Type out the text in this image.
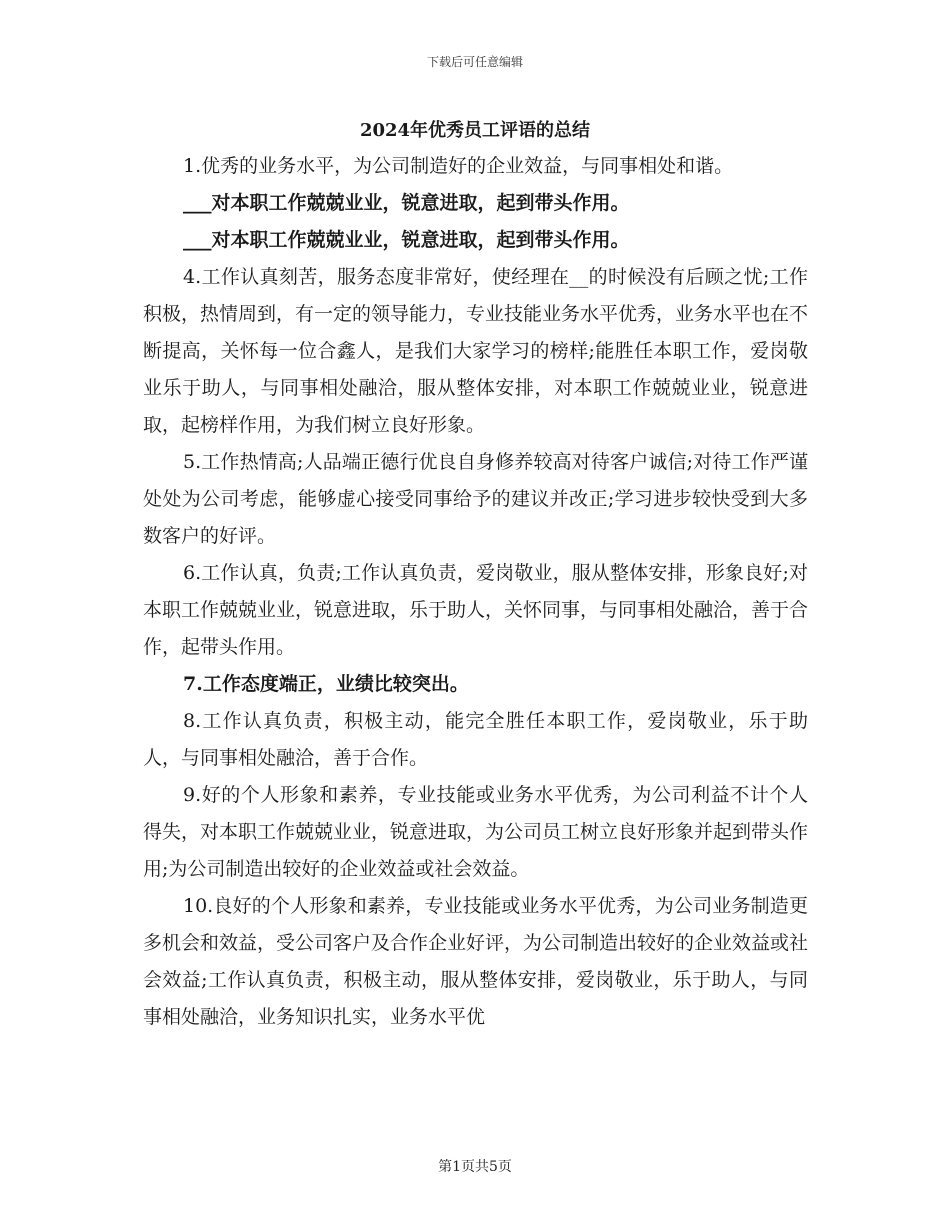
下载后可任意编辑
2024年优秀员工评语的总结

1.优秀的业务水平，为公司制造好的企业效益，与同事相处和谐。

___对本职工作兢兢业业，锐意进取，起到带头作用。

___对本职工作兢兢业业，锐意进取，起到带头作用。

4.工作认真刻苦，服务态度非常好，使经理在__的时候没有后顾之忧;工作积极，热情周到，有一定的领导能力，专业技能业务水平优秀，业务水平也在不断提高，关怀每一位合鑫人，是我们大家学习的榜样;能胜任本职工作，爱岗敬业乐于助人，与同事相处融洽，服从整体安排，对本职工作兢兢业业，锐意进取，起榜样作用，为我们树立良好形象。

5.工作热情高;人品端正德行优良自身修养较高对待客户诚信;对待工作严谨处处为公司考虑，能够虚心接受同事给予的建议并改正;学习进步较快受到大多数客户的好评。

6.工作认真，负责;工作认真负责，爱岗敬业，服从整体安排，形象良好;对本职工作兢兢业业，锐意进取，乐于助人，关怀同事，与同事相处融洽，善于合作，起带头作用。

7.工作态度端正，业绩比较突出。

8.工作认真负责，积极主动，能完全胜任本职工作，爱岗敬业，乐于助人，与同事相处融洽，善于合作。

9.好的个人形象和素养，专业技能或业务水平优秀，为公司利益不计个人得失，对本职工作兢兢业业，锐意进取，为公司员工树立良好形象并起到带头作用;为公司制造出较好的企业效益或社会效益。

10.良好的个人形象和素养，专业技能或业务水平优秀，为公司业务制造更多机会和效益，受公司客户及合作企业好评，为公司制造出较好的企业效益或社会效益;工作认真负责，积极主动，服从整体安排，爱岗敬业，乐于助人，与同事相处融洽，业务知识扎实，业务水平优

第1页共5页
